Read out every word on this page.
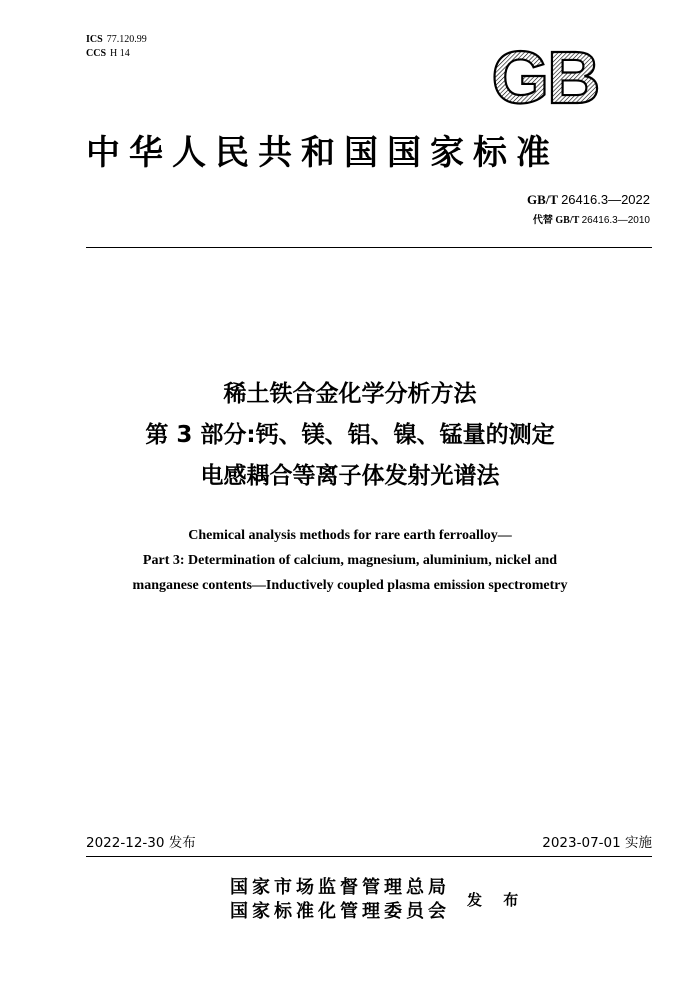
ICS 77.120.99
CCS H 14	GB
中华人民共和国国家标准
GB/T 26416.3—2022
代替 GB/T 26416.3—2010
稀土铁合金化学分析方法
第 3 部分:钙、镁、铝、镍、锰量的测定
电感耦合等离子体发射光谱法
Chemical analysis methods for rare earth ferroalloy—
Part 3: Determination of calcium, magnesium, aluminium, nickel and
manganese contents—Inductively coupled plasma emission spectrometry
2022-12-30 发布	2023-07-01 实施
国家市场监督管理总局
国家标准化管理委员会
发 布
